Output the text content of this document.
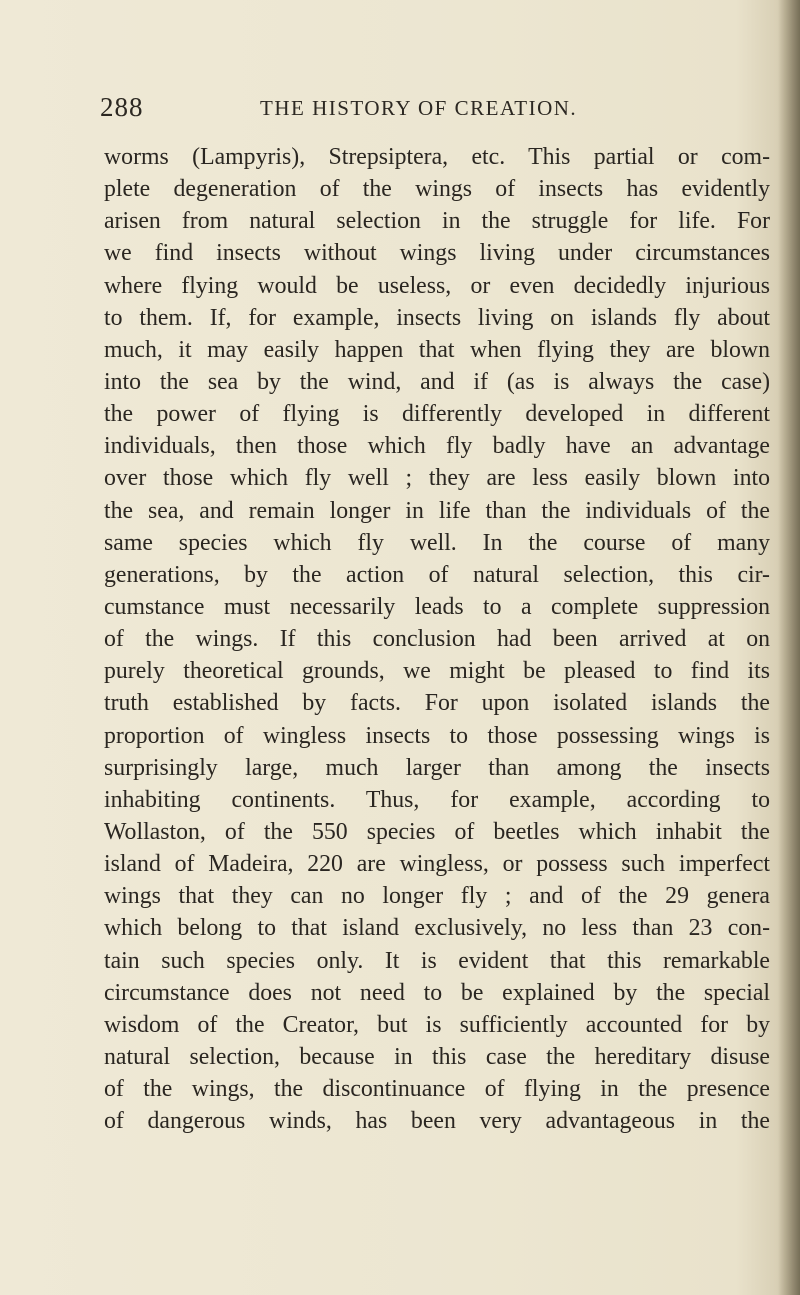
288	THE HISTORY OF CREATION.
worms (Lampyris), Strepsiptera, etc. This partial or com-
plete degeneration of the wings of insects has evidently
arisen from natural selection in the struggle for life. For
we find insects without wings living under circumstances
where flying would be useless, or even decidedly injurious
to them. If, for example, insects living on islands fly about
much, it may easily happen that when flying they are blown
into the sea by the wind, and if (as is always the case)
the power of flying is differently developed in different
individuals, then those which fly badly have an advantage
over those which fly well ; they are less easily blown into
the sea, and remain longer in life than the individuals of the
same species which fly well. In the course of many
generations, by the action of natural selection, this cir-
cumstance must necessarily leads to a complete suppression
of the wings. If this conclusion had been arrived at on
purely theoretical grounds, we might be pleased to find its
truth established by facts. For upon isolated islands the
proportion of wingless insects to those possessing wings is
surprisingly large, much larger than among the insects
inhabiting continents. Thus, for example, according to
Wollaston, of the 550 species of beetles which inhabit the
island of Madeira, 220 are wingless, or possess such imperfect
wings that they can no longer fly ; and of the 29 genera
which belong to that island exclusively, no less than 23 con-
tain such species only. It is evident that this remarkable
circumstance does not need to be explained by the special
wisdom of the Creator, but is sufficiently accounted for by
natural selection, because in this case the hereditary disuse
of the wings, the discontinuance of flying in the presence
of dangerous winds, has been very advantageous in the
